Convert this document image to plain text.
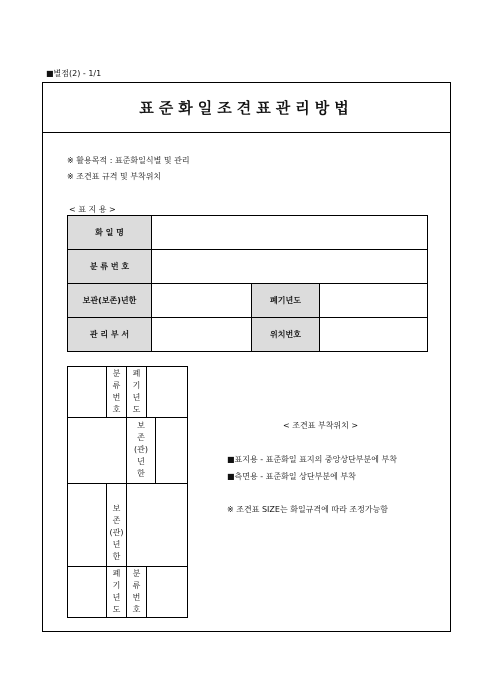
■별점(2) - 1/1
표준화일조견표관리방법
※ 활용목적 : 표준화일식별 및 관리
※ 조견표 규격 및 부착위치
< 표 지 용 >
화 일 명			
분 류 번 호			
보관(보존)년한		폐기년도	
관 리 부 서		위치번호	
분
류
번
호
폐
기
년
도
보
존
(관)
년
한
보
존
(관)
년
한
폐
기
년
도
분
류
번
호
< 조견표 부착위치 >
■표지용 - 표준화일 표지의 중앙상단부분에 부착
■측면용 - 표준화일 상단부분에 부착
※ 조견표 SIZE는 화일규격에 따라 조정가능함
